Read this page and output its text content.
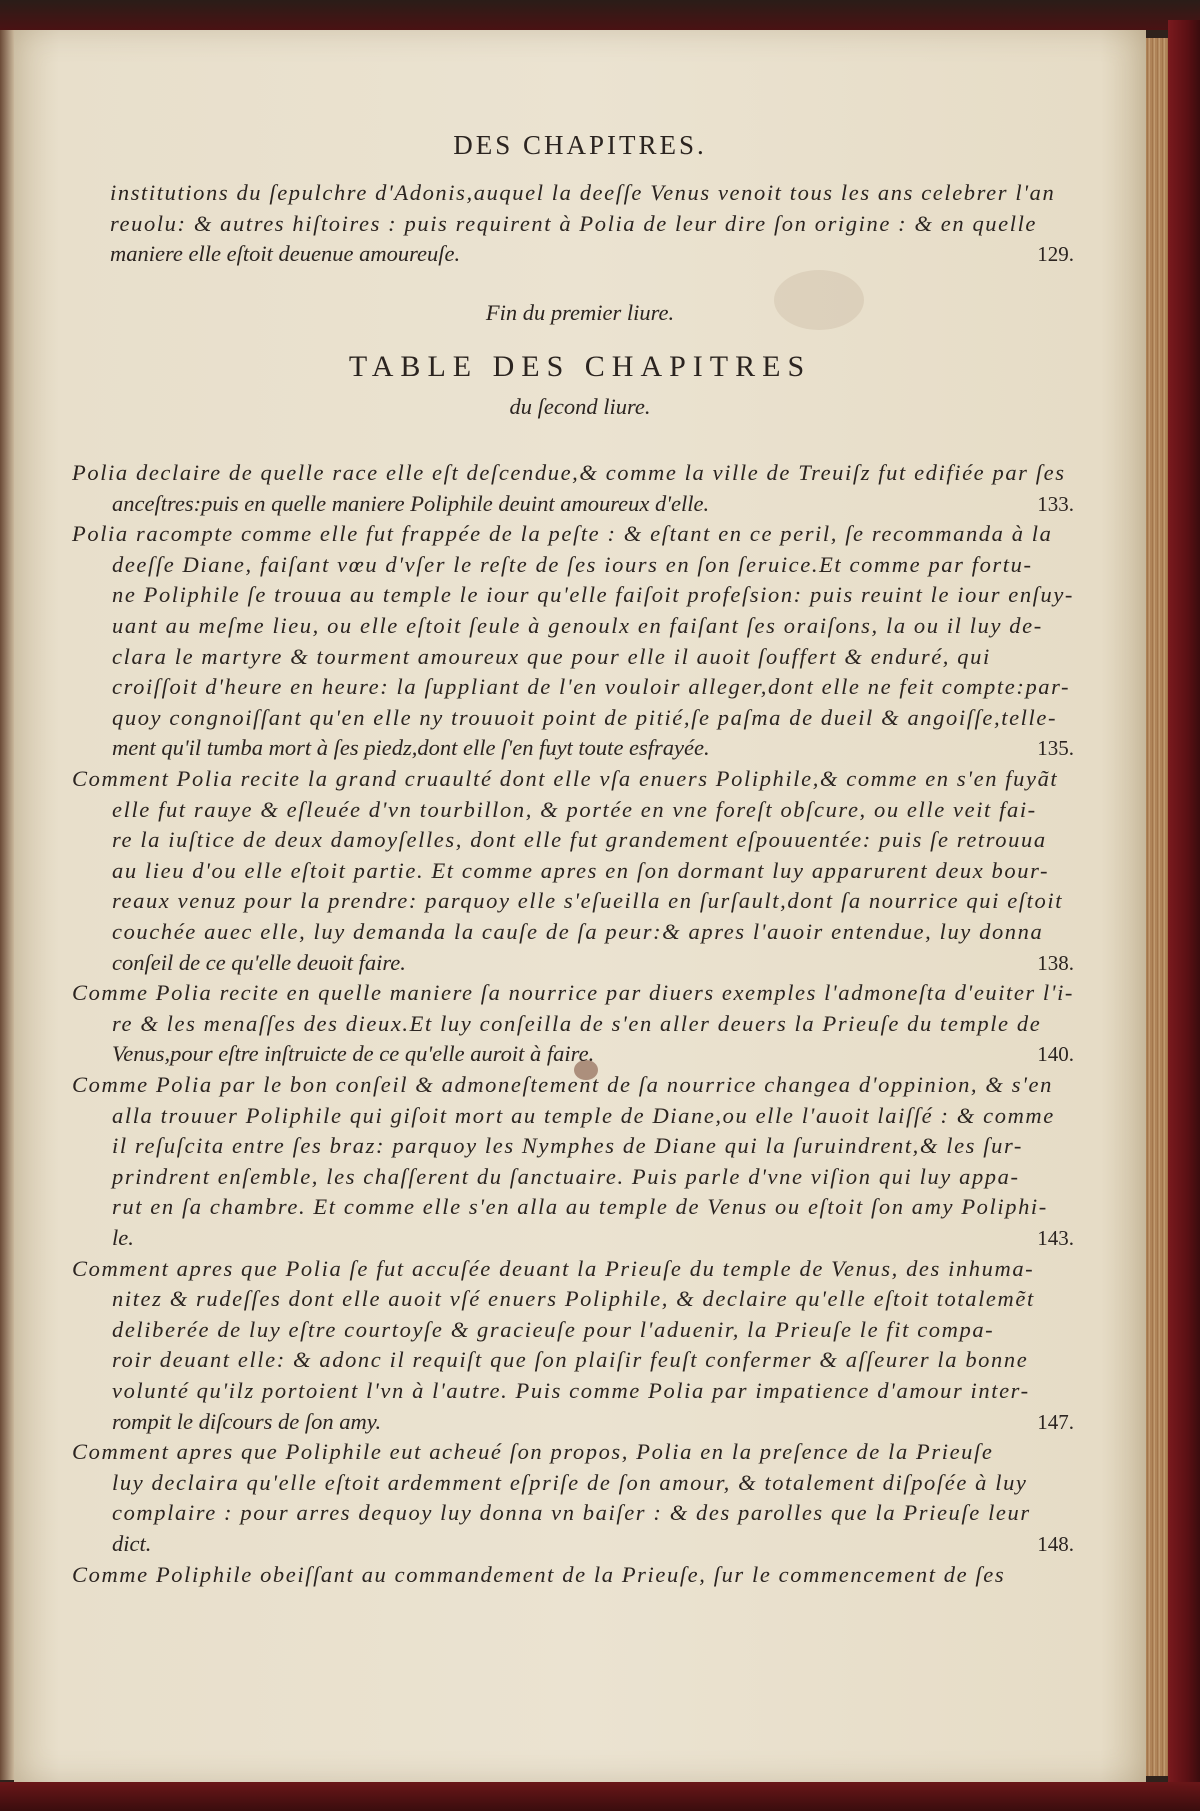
DES CHAPITRES.
institutions du ſepulchre d'Adonis,auquel la deeſſe Venus venoit tous les ans celebrer l'an
reuolu: & autres hiſtoires : puis requirent à Polia de leur dire ſon origine : & en quelle
maniere elle eſtoit deuenue amoureuſe.	129.
Fin du premier liure.
TABLE DES CHAPITRES
du ſecond liure.
Polia declaire de quelle race elle eſt deſcendue,& comme la ville de Treuiſz fut edifiée par ſes
anceſtres:puis en quelle maniere Poliphile deuint amoureux d'elle.	133.
Polia racompte comme elle fut frappée de la peſte : & eſtant en ce peril, ſe recommanda à la
deeſſe Diane, faiſant vœu d'vſer le reſte de ſes iours en ſon ſeruice.Et comme par fortu-
ne Poliphile ſe trouua au temple le iour qu'elle faiſoit profeſsion: puis reuint le iour enſuy-
uant au meſme lieu, ou elle eſtoit ſeule à genoulx en faiſant ſes oraiſons, la ou il luy de-
clara le martyre & tourment amoureux que pour elle il auoit ſouffert & enduré, qui
croiſſoit d'heure en heure: la ſuppliant de l'en vouloir alleger,dont elle ne feit compte:par-
quoy congnoiſſant qu'en elle ny trouuoit point de pitié,ſe paſma de dueil & angoiſſe,telle-
ment qu'il tumba mort à ſes piedz,dont elle ſ'en fuyt toute esfrayée.	135.
Comment Polia recite la grand cruaulté dont elle vſa enuers Poliphile,& comme en s'en fuyãt
elle fut rauye & eſleuée d'vn tourbillon, & portée en vne foreſt obſcure, ou elle veit fai-
re la iuſtice de deux damoyſelles, dont elle fut grandement eſpouuentée: puis ſe retrouua
au lieu d'ou elle eſtoit partie. Et comme apres en ſon dormant luy apparurent deux bour-
reaux venuz pour la prendre: parquoy elle s'eſueilla en ſurſault,dont ſa nourrice qui eſtoit
couchée auec elle, luy demanda la cauſe de ſa peur:& apres l'auoir entendue, luy donna
conſeil de ce qu'elle deuoit faire.	138.
Comme Polia recite en quelle maniere ſa nourrice par diuers exemples l'admoneſta d'euiter l'i-
re & les menaſſes des dieux.Et luy conſeilla de s'en aller deuers la Prieuſe du temple de
Venus,pour eſtre inſtruicte de ce qu'elle auroit à faire.	140.
Comme Polia par le bon conſeil & admoneſtement de ſa nourrice changea d'oppinion, & s'en
alla trouuer Poliphile qui giſoit mort au temple de Diane,ou elle l'auoit laiſſé : & comme
il reſuſcita entre ſes braz: parquoy les Nymphes de Diane qui la ſuruindrent,& les ſur-
prindrent enſemble, les chaſſerent du ſanctuaire. Puis parle d'vne viſion qui luy appa-
rut en ſa chambre. Et comme elle s'en alla au temple de Venus ou eſtoit ſon amy Poliphi-
le.	143.
Comment apres que Polia ſe fut accuſée deuant la Prieuſe du temple de Venus, des inhuma-
nitez & rudeſſes dont elle auoit vſé enuers Poliphile, & declaire qu'elle eſtoit totalemẽt
deliberée de luy eſtre courtoyſe & gracieuſe pour l'aduenir, la Prieuſe le fit compa-
roir deuant elle: & adonc il requiſt que ſon plaiſir feuſt confermer & aſſeurer la bonne
volunté qu'ilz portoient l'vn à l'autre. Puis comme Polia par impatience d'amour inter-
rompit le diſcours de ſon amy.	147.
Comment apres que Poliphile eut acheué ſon propos, Polia en la preſence de la Prieuſe
luy declaira qu'elle eſtoit ardemment eſpriſe de ſon amour, & totalement diſpoſée à luy
complaire : pour arres dequoy luy donna vn baiſer : & des parolles que la Prieuſe leur
dict.	148.
Comme Poliphile obeiſſant au commandement de la Prieuſe, ſur le commencement de ſes
